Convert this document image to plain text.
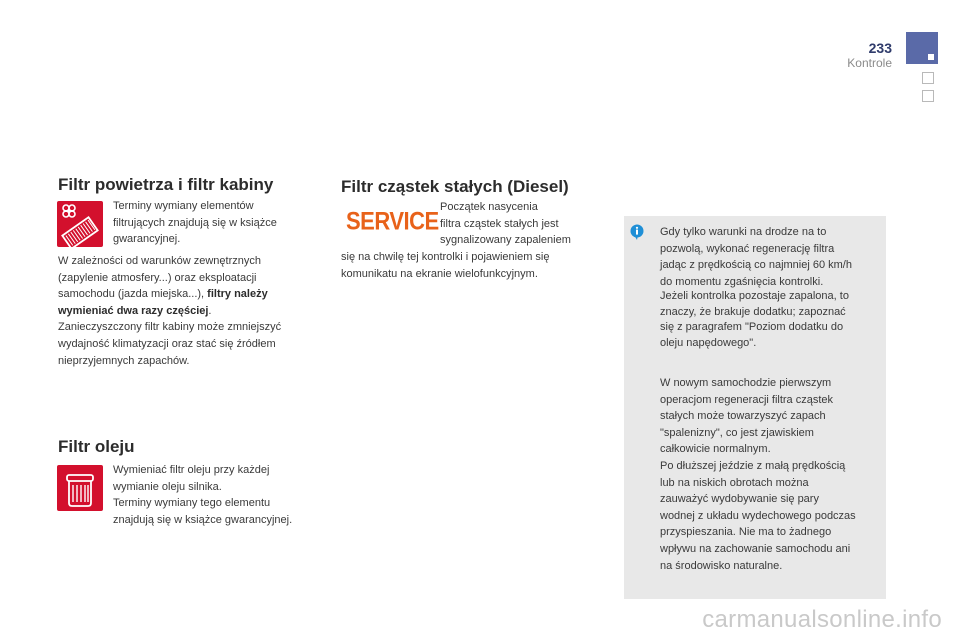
233
Kontrole
Filtr powietrza i filtr kabiny
Terminy wymiany elementów
filtrujących znajdują się w książce
gwarancyjnej.
W zależności od warunków zewnętrznych
(zapylenie atmosfery...) oraz eksploatacji
samochodu (jazda miejska...), filtry należy
wymieniać dwa razy częściej.
Zanieczyszczony filtr kabiny może zmniejszyć
wydajność klimatyzacji oraz stać się źródłem
nieprzyjemnych zapachów.
Filtr oleju
Wymieniać filtr oleju przy każdej
wymianie oleju silnika.
Terminy wymiany tego elementu
znajdują się w książce gwarancyjnej.
Filtr cząstek stałych (Diesel)
SERVICE Początek nasycenia
filtra cząstek stałych jest
sygnalizowany zapaleniem
się na chwilę tej kontrolki i pojawieniem się
komunikatu na ekranie wielofunkcyjnym.
Gdy tylko warunki na drodze na to
pozwolą, wykonać regenerację filtra
jadąc z prędkością co najmniej 60 km/h
do momentu zgaśnięcia kontrolki.
Jeżeli kontrolka pozostaje zapalona, to
znaczy, że brakuje dodatku; zapoznać
się z paragrafem "Poziom dodatku do
oleju napędowego".
W nowym samochodzie pierwszym
operacjom regeneracji filtra cząstek
stałych może towarzyszyć zapach
"spalenizny", co jest zjawiskiem
całkowicie normalnym.
Po dłuższej jeździe z małą prędkością
lub na niskich obrotach można
zauważyć wydobywanie się pary
wodnej z układu wydechowego podczas
przyspieszania. Nie ma to żadnego
wpływu na zachowanie samochodu ani
na środowisko naturalne.
carmanualsonline.info
